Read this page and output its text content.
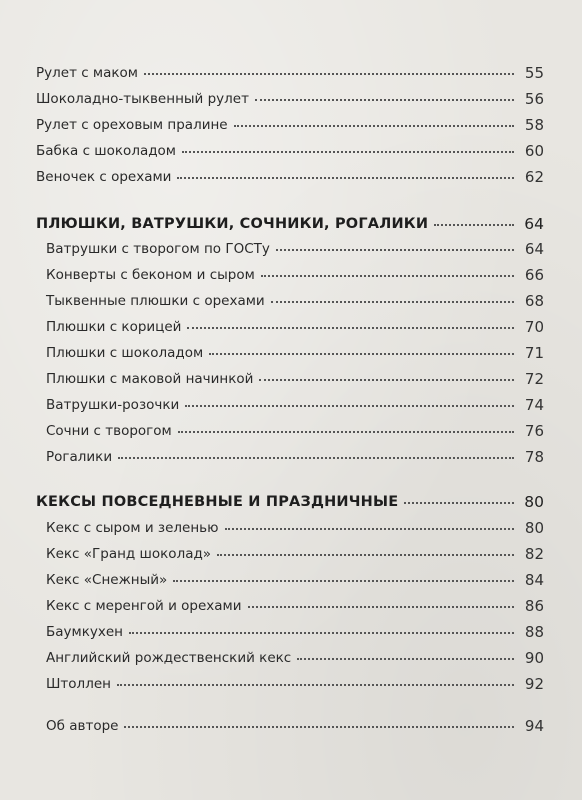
Рулет с маком	55
Шоколадно-тыквенный рулет	56
Рулет с ореховым пралине	58
Бабка с шоколадом	60
Веночек с орехами	62
ПЛЮШКИ, ВАТРУШКИ, СОЧНИКИ, РОГАЛИКИ	64
Ватрушки с творогом по ГОСТу	64
Конверты с беконом и сыром	66
Тыквенные плюшки с орехами	68
Плюшки с корицей	70
Плюшки с шоколадом	71
Плюшки с маковой начинкой	72
Ватрушки-розочки	74
Сочни с творогом	76
Рогалики	78
КЕКСЫ ПОВСЕДНЕВНЫЕ И ПРАЗДНИЧНЫЕ	80
Кекс с сыром и зеленью	80
Кекс «Гранд шоколад»	82
Кекс «Снежный»	84
Кекс с меренгой и орехами	86
Баумкухен	88
Английский рождественский кекс	90
Штоллен	92
Об авторе	94
